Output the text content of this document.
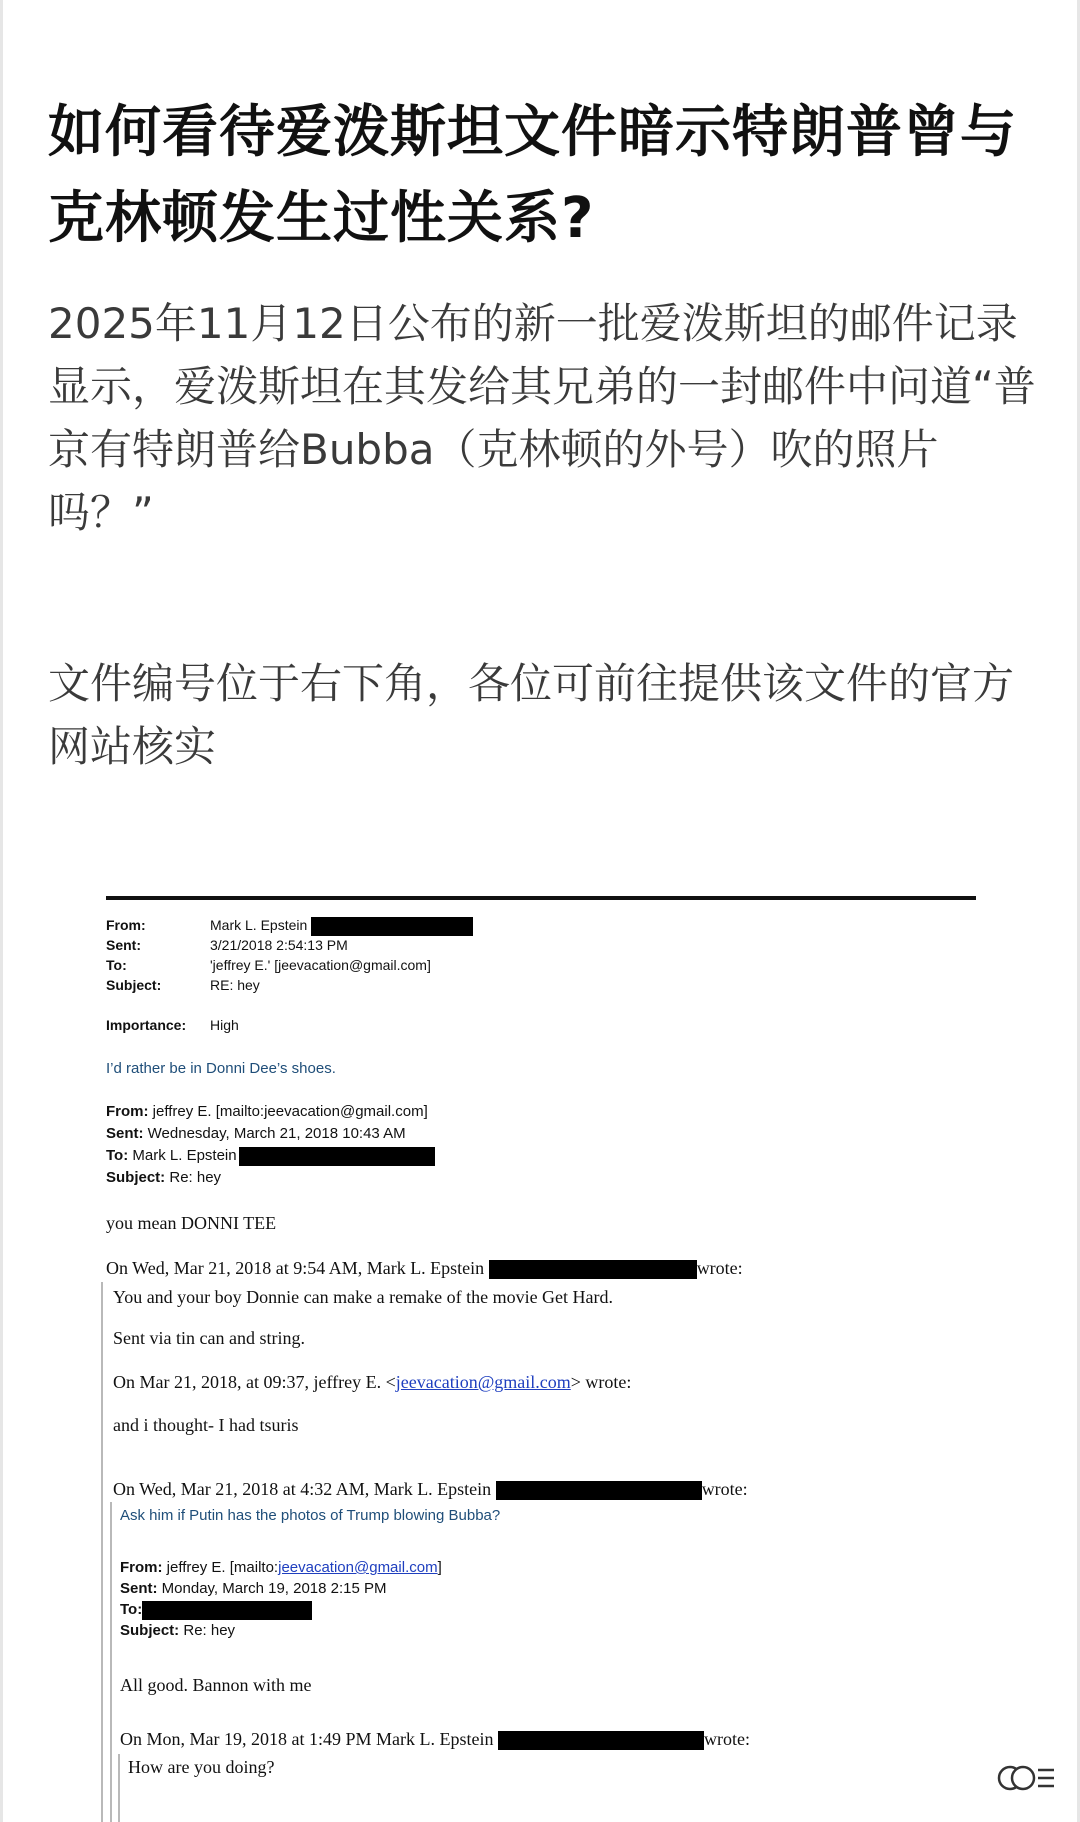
如何看待爱泼斯坦文件暗示特朗普曾与克林顿发生过性关系?

2025年11月12日公布的新一批爱泼斯坦的邮件记录显示，爱泼斯坦在其发给其兄弟的一封邮件中问道“普京有特朗普给Bubba（克林顿的外号）吹的照片吗？”

文件编号位于右下角，各位可前往提供该文件的官方网站核实

From:	Mark L. Epstein
Sent:	3/21/2018 2:54:13 PM
To:	'jeffrey E.' [jeevacation@gmail.com]
Subject:	RE: hey
Importance: High
I’d rather be in Donni Dee’s shoes.
From: jeffrey E. [mailto:jeevacation@gmail.com]
Sent: Wednesday, March 21, 2018 10:43 AM
To: Mark L. Epstein
Subject: Re: hey
you mean DONNI TEE
On Wed, Mar 21, 2018 at 9:54 AM, Mark L. Epstein	wrote:
You and your boy Donnie can make a remake of the movie Get Hard.
Sent via tin can and string.
On Mar 21, 2018, at 09:37, jeffrey E. <jeevacation@gmail.com> wrote:
and i thought- I had tsuris
On Wed, Mar 21, 2018 at 4:32 AM, Mark L. Epstein	wrote:
Ask him if Putin has the photos of Trump blowing Bubba?
From: jeffrey E. [mailto:jeevacation@gmail.com]
Sent: Monday, March 19, 2018 2:15 PM
To:
Subject: Re: hey
All good. Bannon with me
On Mon, Mar 19, 2018 at 1:49 PM Mark L. Epstein	wrote:
How are you doing?
